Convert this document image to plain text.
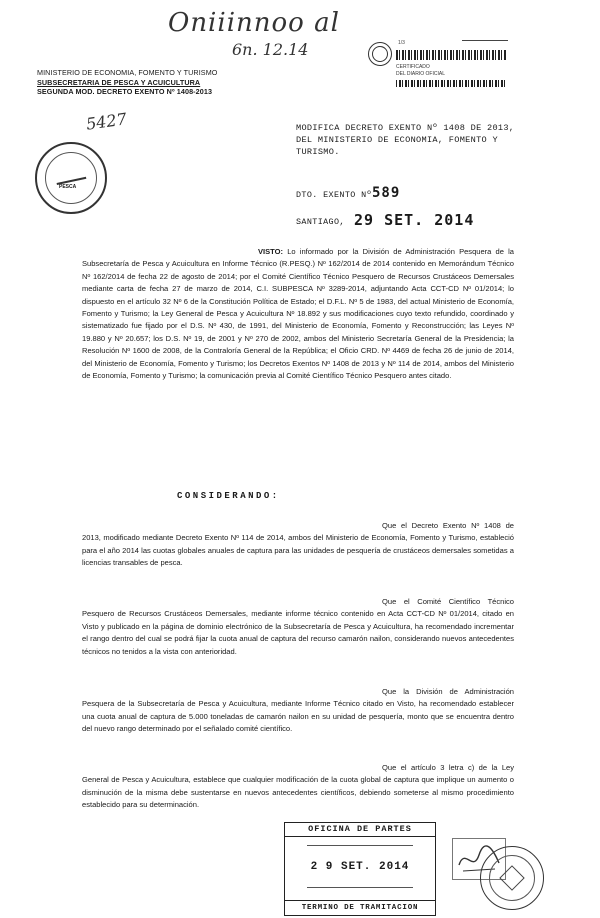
Oniiinnoo al
6n. 12.14
5427
MINISTERIO DE ECONOMIA, FOMENTO Y TURISMO
SUBSECRETARIA DE PESCA Y ACUICULTURA
SEGUNDA MOD. DECRETO EXENTO Nº 1408-2013
1/3
CERTIFICADO
DEL DIARIO OFICIAL
PESCA
MODIFICA DECRETO EXENTO Nº 1408 DE 2013,
DEL MINISTERIO DE ECONOMIA, FOMENTO Y
TURISMO.
DTO. EXENTO Nº 589
SANTIAGO, 29 SET. 2014
VISTO: Lo informado por la División de Administración Pesquera de la Subsecretaría de Pesca y Acuicultura en Informe Técnico (R.PESQ.) Nº 162/2014 de 2014 contenido en Memorándum Técnico Nº 162/2014 de fecha 22 de agosto de 2014; por el Comité Científico Técnico Pesquero de Recursos Crustáceos Demersales mediante carta de fecha 27 de marzo de 2014, C.I. SUBPESCA Nº 3289-2014, adjuntando Acta CCT-CD Nº 01/2014; lo dispuesto en el artículo 32 Nº 6 de la Constitución Política de Estado; el D.F.L. Nº 5 de 1983, del actual Ministerio de Economía, Fomento y Turismo; la Ley General de Pesca y Acuicultura Nº 18.892 y sus modificaciones cuyo texto refundido, coordinado y sistematizado fue fijado por el D.S. Nº 430, de 1991, del Ministerio de Economía, Fomento y Reconstrucción; las Leyes Nº 19.880 y Nº 20.657; los D.S. Nº 19, de 2001 y Nº 270 de 2002, ambos del Ministerio Secretaría General de la Presidencia; la Resolución Nº 1600 de 2008, de la Contraloría General de la República; el Oficio CRD. Nº 4469 de fecha 26 de junio de 2014, del Ministerio de Economía, Fomento y Turismo; los Decretos Exentos Nº 1408 de 2013 y Nº 114 de 2014, ambos del Ministerio de Economía, Fomento y Turismo; la comunicación previa al Comité Científico Técnico Pesquero antes citado.
CONSIDERANDO:
Que el Decreto Exento Nº 1408 de 2013, modificado mediante Decreto Exento Nº 114 de 2014, ambos del Ministerio de Economía, Fomento y Turismo, estableció para el año 2014 las cuotas globales anuales de captura para las unidades de pesquería de crustáceos demersales sometidas a licencias transables de pesca.
Que el Comité Científico Técnico Pesquero de Recursos Crustáceos Demersales, mediante informe técnico contenido en Acta CCT-CD Nº 01/2014, citado en Visto y publicado en la página de dominio electrónico de la Subsecretaría de Pesca y Acuicultura, ha recomendado incrementar el rango dentro del cual se podrá fijar la cuota anual de captura del recurso camarón nailon, considerando nuevos antecedentes técnicos no tenidos a la vista con anterioridad.
Que la División de Administración Pesquera de la Subsecretaría de Pesca y Acuicultura, mediante Informe Técnico citado en Visto, ha recomendado establecer una cuota anual de captura de 5.000 toneladas de camarón nailon en su unidad de pesquería, monto que se encuentra dentro del nuevo rango determinado por el señalado comité científico.
Que el artículo 3 letra c) de la Ley General de Pesca y Acuicultura, establece que cualquier modificación de la cuota global de captura que implique un aumento o disminución de la misma debe sustentarse en nuevos antecedentes científicos, debiendo someterse al mismo procedimiento establecido para su determinación.
OFICINA DE PARTES
2 9 SET. 2014
TERMINO DE TRAMITACION
